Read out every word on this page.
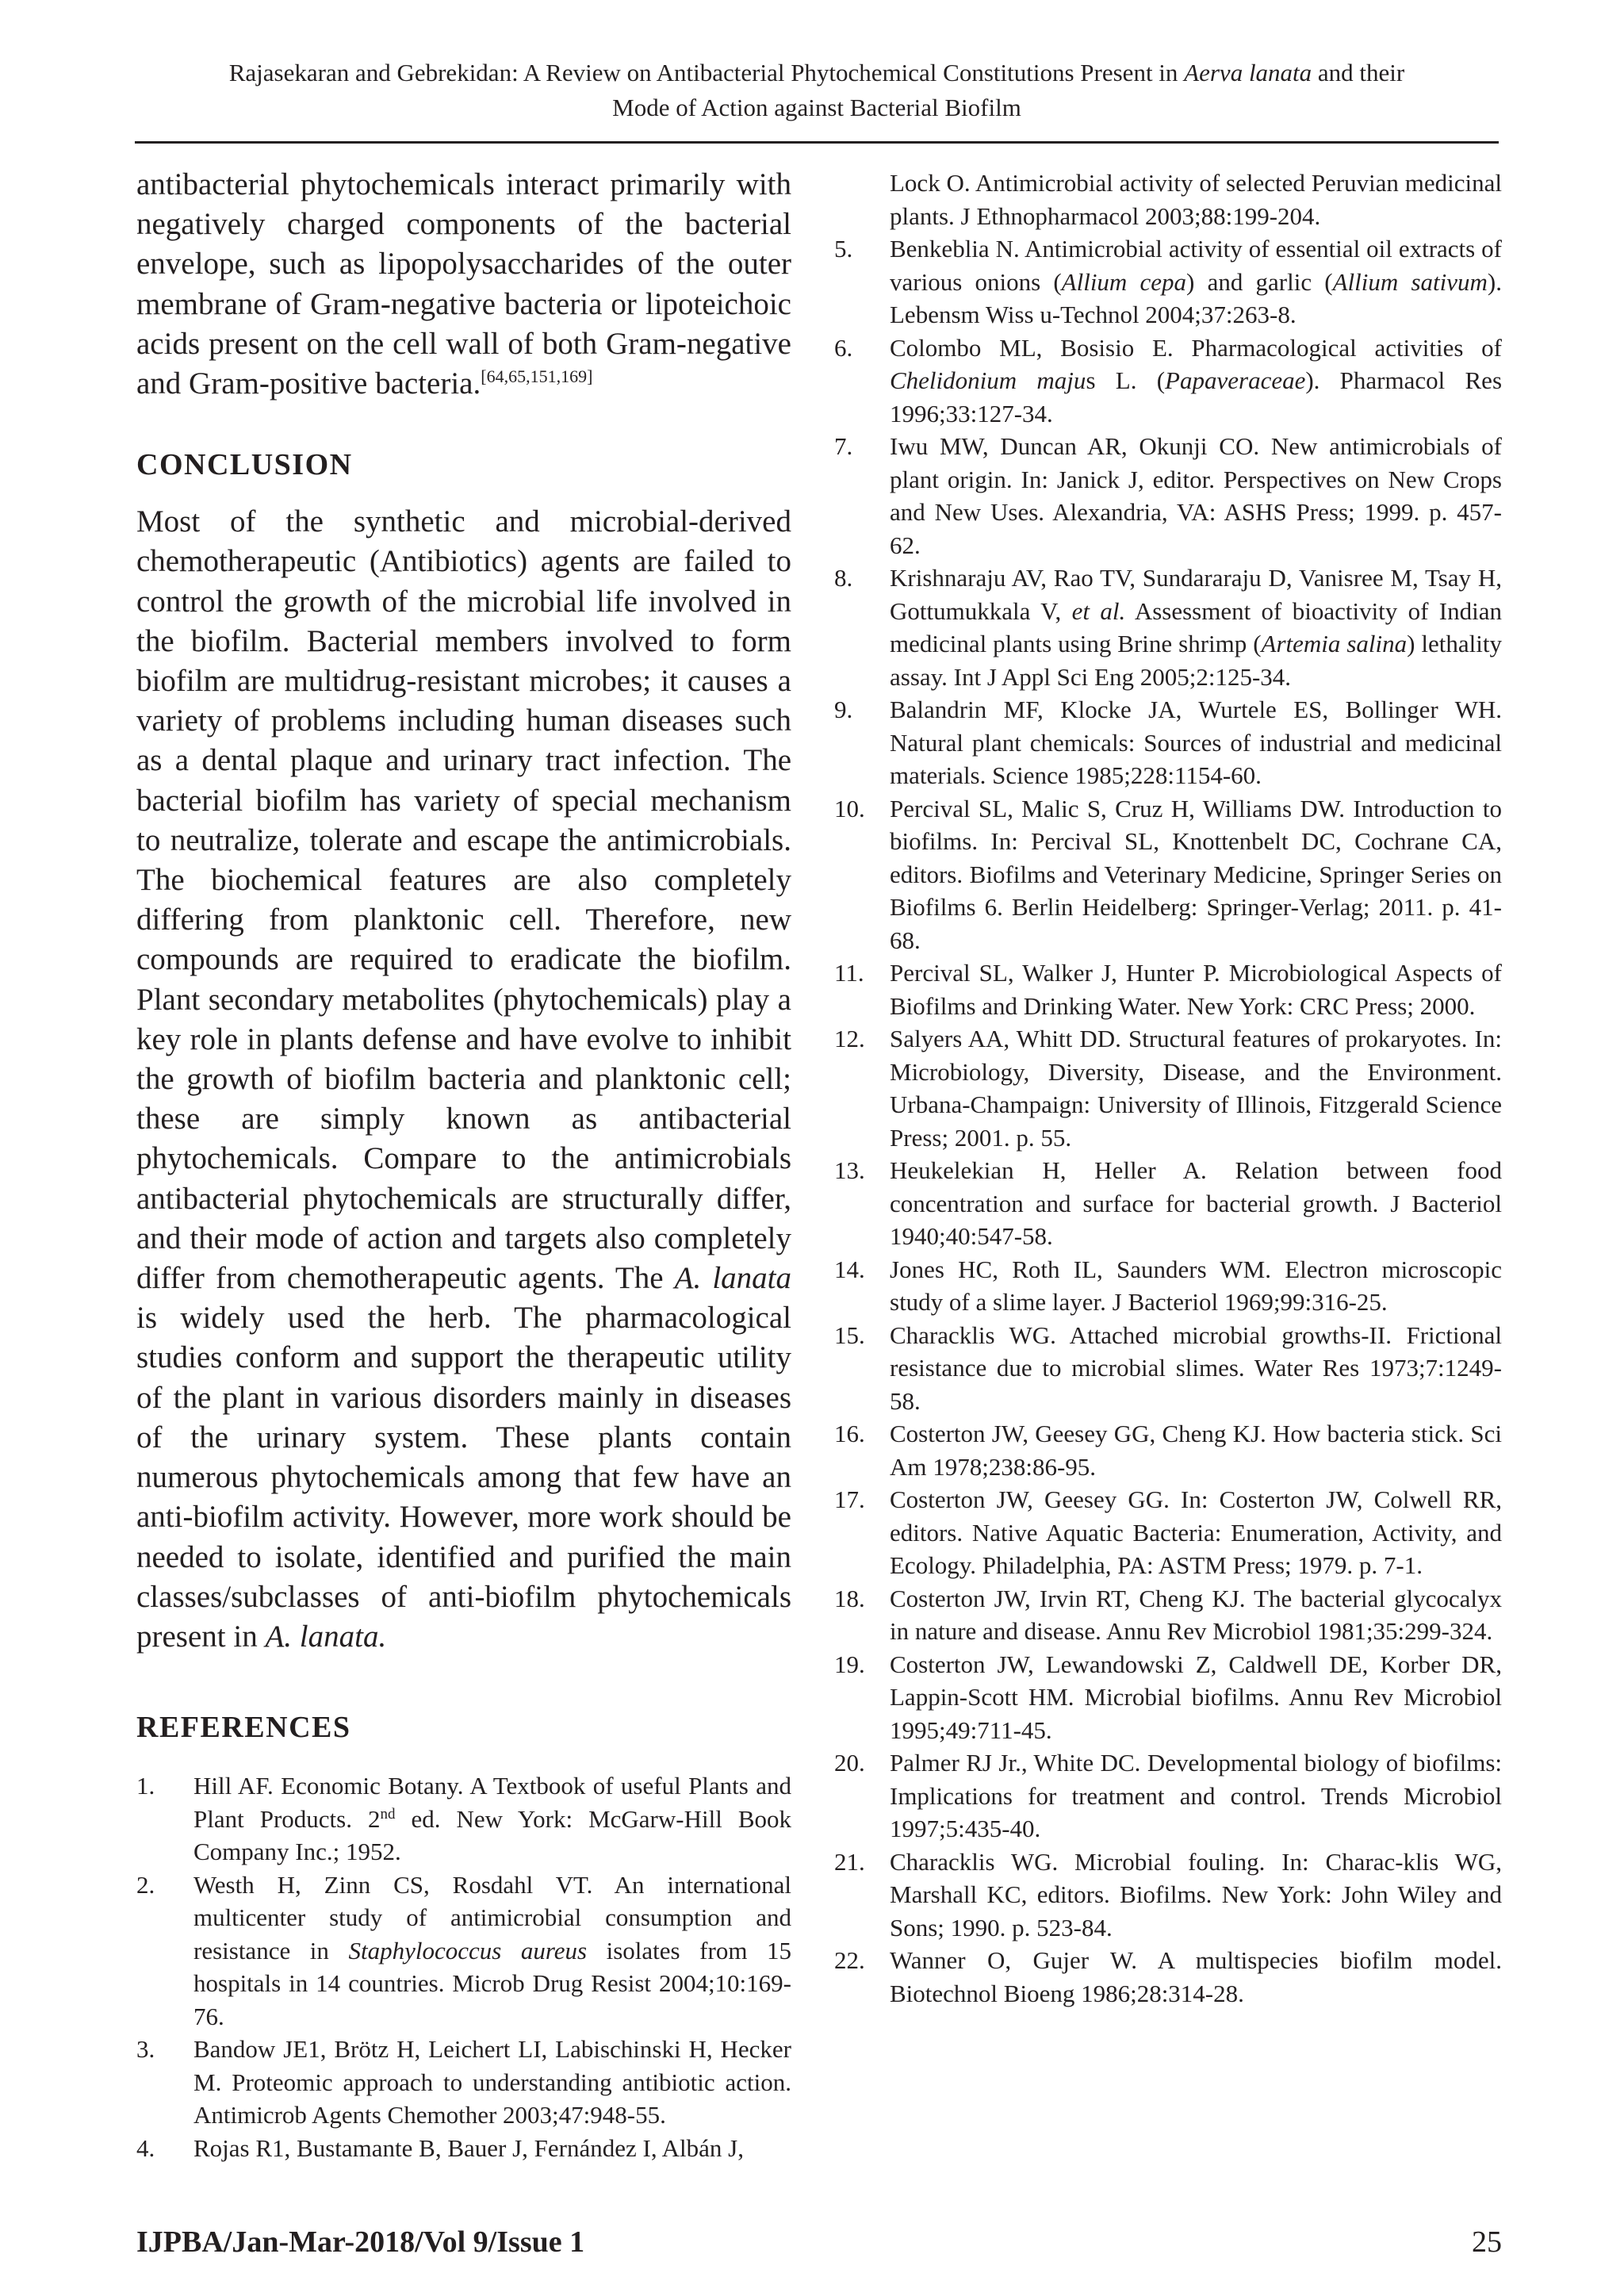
Rajasekaran and Gebrekidan: A Review on Antibacterial Phytochemical Constitutions Present in Aerva lanata and their
Mode of Action against Bacterial Biofilm

antibacterial phytochemicals interact primarily with negatively charged components of the bacterial envelope, such as lipopolysaccharides of the outer membrane of Gram-negative bacteria or lipoteichoic acids present on the cell wall of both Gram-negative and Gram-positive bacteria.[64,65,151,169]

CONCLUSION

Most of the synthetic and microbial-derived chemotherapeutic (Antibiotics) agents are failed to control the growth of the microbial life involved in the biofilm. Bacterial members involved to form biofilm are multidrug-resistant microbes; it causes a variety of problems including human diseases such as a dental plaque and urinary tract infection. The bacterial biofilm has variety of special mechanism to neutralize, tolerate and escape the antimicrobials. The biochemical features are also completely differing from planktonic cell. Therefore, new compounds are required to eradicate the biofilm. Plant secondary metabolites (phytochemicals) play a key role in plants defense and have evolve to inhibit the growth of biofilm bacteria and planktonic cell; these are simply known as antibacterial phytochemicals. Compare to the antimicrobials antibacterial phytochemicals are structurally differ, and their mode of action and targets also completely differ from chemotherapeutic agents. The A. lanata is widely used the herb. The pharmacological studies conform and support the therapeutic utility of the plant in various disorders mainly in diseases of the urinary system. These plants contain numerous phytochemicals among that few have an anti-biofilm activity. However, more work should be needed to isolate, identified and purified the main classes/subclasses of anti-biofilm phytochemicals present in A. lanata.

REFERENCES
1. Hill AF. Economic Botany. A Textbook of useful Plants and Plant Products. 2nd ed. New York: McGarw-Hill Book Company Inc.; 1952.
2. Westh H, Zinn CS, Rosdahl VT. An international multicenter study of antimicrobial consumption and resistance in Staphylococcus aureus isolates from 15 hospitals in 14 countries. Microb Drug Resist 2004;10:169-76.
3. Bandow JE1, Brötz H, Leichert LI, Labischinski H, Hecker M. Proteomic approach to understanding antibiotic action. Antimicrob Agents Chemother 2003;47:948-55.
4. Rojas R1, Bustamante B, Bauer J, Fernández I, Albán J,
Lock O. Antimicrobial activity of selected Peruvian medicinal plants. J Ethnopharmacol 2003;88:199-204.
5. Benkeblia N. Antimicrobial activity of essential oil extracts of various onions (Allium cepa) and garlic (Allium sativum). Lebensm Wiss u-Technol 2004;37:263-8.
6. Colombo ML, Bosisio E. Pharmacological activities of Chelidonium majus L. (Papaveraceae). Pharmacol Res 1996;33:127-34.
7. Iwu MW, Duncan AR, Okunji CO. New antimicrobials of plant origin. In: Janick J, editor. Perspectives on New Crops and New Uses. Alexandria, VA: ASHS Press; 1999. p. 457-62.
8. Krishnaraju AV, Rao TV, Sundararaju D, Vanisree M, Tsay H, Gottumukkala V, et al. Assessment of bioactivity of Indian medicinal plants using Brine shrimp (Artemia salina) lethality assay. Int J Appl Sci Eng 2005;2:125-34.
9. Balandrin MF, Klocke JA, Wurtele ES, Bollinger WH. Natural plant chemicals: Sources of industrial and medicinal materials. Science 1985;228:1154-60.
10. Percival SL, Malic S, Cruz H, Williams DW. Introduction to biofilms. In: Percival SL, Knottenbelt DC, Cochrane CA, editors. Biofilms and Veterinary Medicine, Springer Series on Biofilms 6. Berlin Heidelberg: Springer-Verlag; 2011. p. 41-68.
11. Percival SL, Walker J, Hunter P. Microbiological Aspects of Biofilms and Drinking Water. New York: CRC Press; 2000.
12. Salyers AA, Whitt DD. Structural features of prokaryotes. In: Microbiology, Diversity, Disease, and the Environment. Urbana-Champaign: University of Illinois, Fitzgerald Science Press; 2001. p. 55.
13. Heukelekian H, Heller A. Relation between food concentration and surface for bacterial growth. J Bacteriol 1940;40:547-58.
14. Jones HC, Roth IL, Saunders WM. Electron microscopic study of a slime layer. J Bacteriol 1969;99:316-25.
15. Characklis WG. Attached microbial growths-II. Frictional resistance due to microbial slimes. Water Res 1973;7:1249-58.
16. Costerton JW, Geesey GG, Cheng KJ. How bacteria stick. Sci Am 1978;238:86-95.
17. Costerton JW, Geesey GG. In: Costerton JW, Colwell RR, editors. Native Aquatic Bacteria: Enumeration, Activity, and Ecology. Philadelphia, PA: ASTM Press; 1979. p. 7-1.
18. Costerton JW, Irvin RT, Cheng KJ. The bacterial glycocalyx in nature and disease. Annu Rev Microbiol 1981;35:299-324.
19. Costerton JW, Lewandowski Z, Caldwell DE, Korber DR, Lappin-Scott HM. Microbial biofilms. Annu Rev Microbiol 1995;49:711-45.
20. Palmer RJ Jr., White DC. Developmental biology of biofilms: Implications for treatment and control. Trends Microbiol 1997;5:435-40.
21. Characklis WG. Microbial fouling. In: Charac-klis WG, Marshall KC, editors. Biofilms. New York: John Wiley and Sons; 1990. p. 523-84.
22. Wanner O, Gujer W. A multispecies biofilm model. Biotechnol Bioeng 1986;28:314-28.
IJPBA/Jan-Mar-2018/Vol 9/Issue 1	25
